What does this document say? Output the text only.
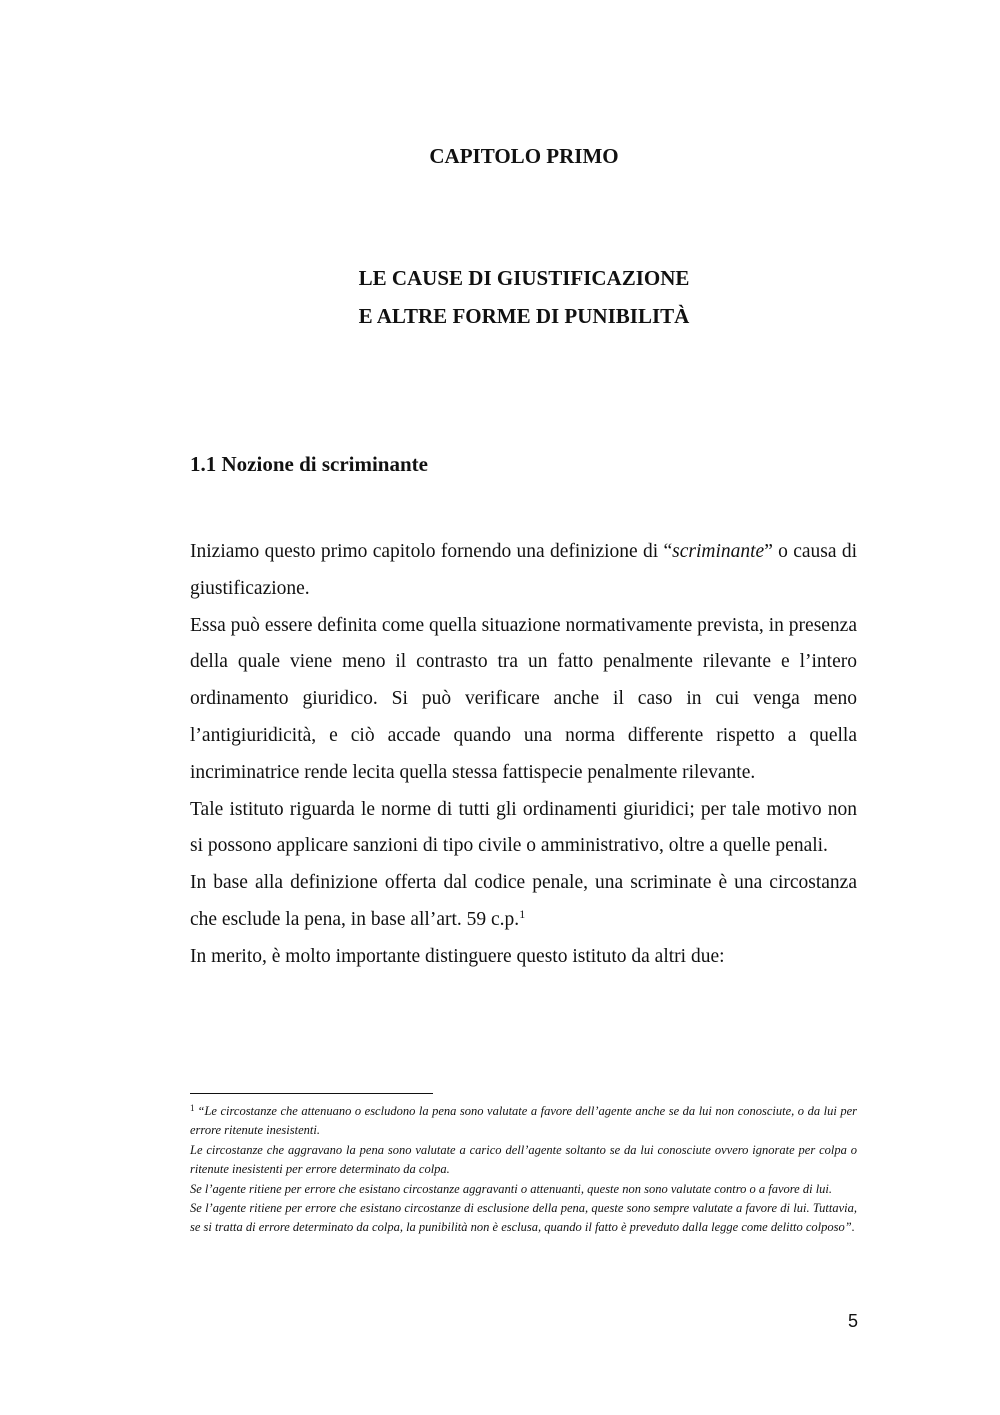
CAPITOLO PRIMO
LE CAUSE DI GIUSTIFICAZIONE
E ALTRE FORME DI PUNIBILITÀ
1.1 Nozione di scriminante

Iniziamo questo primo capitolo fornendo una definizione di “scriminante” o causa di giustificazione.

Essa può essere definita come quella situazione normativamente prevista, in presenza della quale viene meno il contrasto tra un fatto penalmente rilevante e l’intero ordinamento giuridico. Si può verificare anche il caso in cui venga meno l’antigiuridicità, e ciò accade quando una norma differente rispetto a quella incriminatrice rende lecita quella stessa fattispecie penalmente rilevante.

Tale istituto riguarda le norme di tutti gli ordinamenti giuridici; per tale motivo non si possono applicare sanzioni di tipo civile o amministrativo, oltre a quelle penali.

In base alla definizione offerta dal codice penale, una scriminate è una circostanza che esclude la pena, in base all’art. 59 c.p.$^1$

In merito, è molto importante distinguere questo istituto da altri due:

$^1$ “Le circostanze che attenuano o escludono la pena sono valutate a favore dell’agente anche se da lui non conosciute, o da lui per errore ritenute inesistenti.

Le circostanze che aggravano la pena sono valutate a carico dell’agente soltanto se da lui conosciute ovvero ignorate per colpa o ritenute inesistenti per errore determinato da colpa.

Se l’agente ritiene per errore che esistano circostanze aggravanti o attenuanti, queste non sono valutate contro o a favore di lui.

Se l’agente ritiene per errore che esistano circostanze di esclusione della pena, queste sono sempre valutate a favore di lui. Tuttavia, se si tratta di errore determinato da colpa, la punibilità non è esclusa, quando il fatto è preveduto dalla legge come delitto colposo”.

5
